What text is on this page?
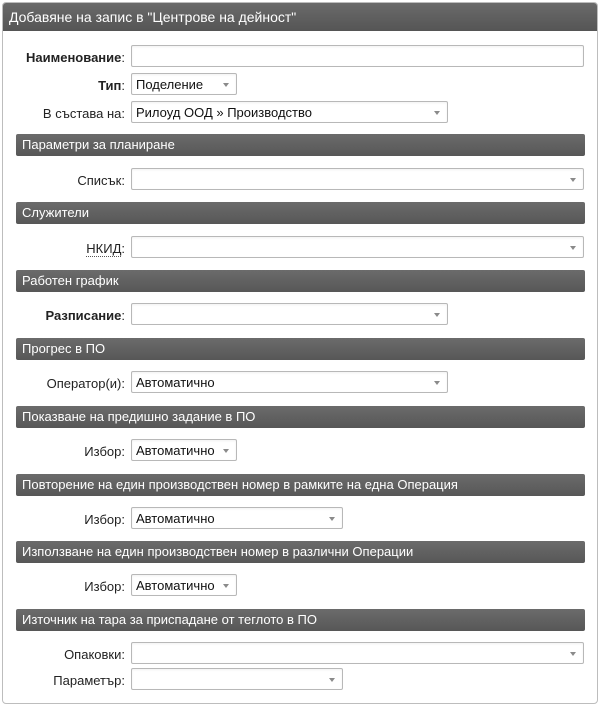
Добавяне на запис в "Центрове на дейност"
Наименование:
Тип: Поделение
В състава на: Рилоуд ООД » Производство
Параметри за планиране
Списък:
Служители
НКИД:
Работен график
Разписание:
Прогрес в ПО
Оператор(и): Автоматично
Показване на предишно задание в ПО
Избор: Автоматично
Повторение на един производствен номер в рамките на една Операция
Избор: Автоматично
Използване на един производствен номер в различни Операции
Избор: Автоматично
Източник на тара за приспадане от теглото в ПО
Опаковки:
Параметър:
